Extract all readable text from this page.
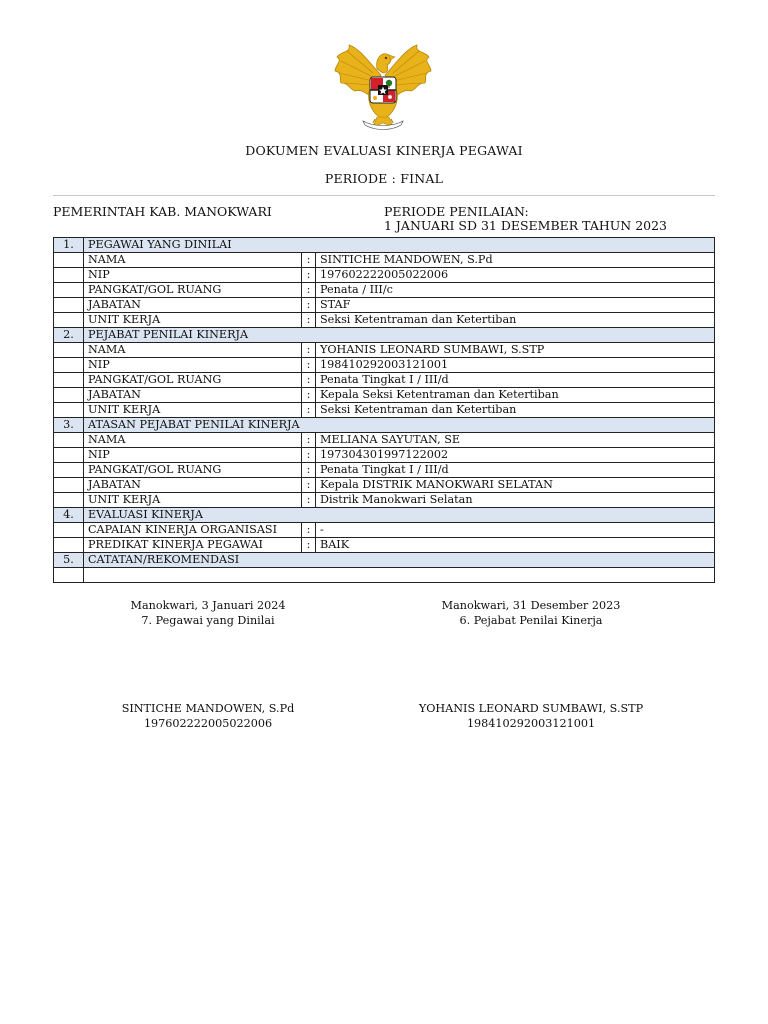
DOKUMEN EVALUASI KINERJA PEGAWAI
PERIODE : FINAL
PEMERINTAH KAB. MANOKWARI	PERIODE PENILAIAN:
1 JANUARI SD 31 DESEMBER TAHUN 2023
1.	PEGAWAI YANG DINILAI		
	NAMA	:	SINTICHE MANDOWEN, S.Pd
	NIP	:	197602222005022006
	PANGKAT/GOL RUANG	:	Penata / III/c
	JABATAN	:	STAF
	UNIT KERJA	:	Seksi Ketentraman dan Ketertiban
2.	PEJABAT PENILAI KINERJA		
	NAMA	:	YOHANIS LEONARD SUMBAWI, S.STP
	NIP	:	198410292003121001
	PANGKAT/GOL RUANG	:	Penata Tingkat I / III/d
	JABATAN	:	Kepala Seksi Ketentraman dan Ketertiban
	UNIT KERJA	:	Seksi Ketentraman dan Ketertiban
3.	ATASAN PEJABAT PENILAI KINERJA		
	NAMA	:	MELIANA SAYUTAN, SE
	NIP	:	197304301997122002
	PANGKAT/GOL RUANG	:	Penata Tingkat I / III/d
	JABATAN	:	Kepala DISTRIK MANOKWARI SELATAN
	UNIT KERJA	:	Distrik Manokwari Selatan
4.	EVALUASI KINERJA		
	CAPAIAN KINERJA ORGANISASI	:	-
	PREDIKAT KINERJA PEGAWAI	:	BAIK
5.	CATATAN/REKOMENDASI		

Manokwari, 3 Januari 2024
7. Pegawai yang Dinilai
Manokwari, 31 Desember 2023
6. Pejabat Penilai Kinerja
SINTICHE MANDOWEN, S.Pd
197602222005022006
YOHANIS LEONARD SUMBAWI, S.STP
198410292003121001
